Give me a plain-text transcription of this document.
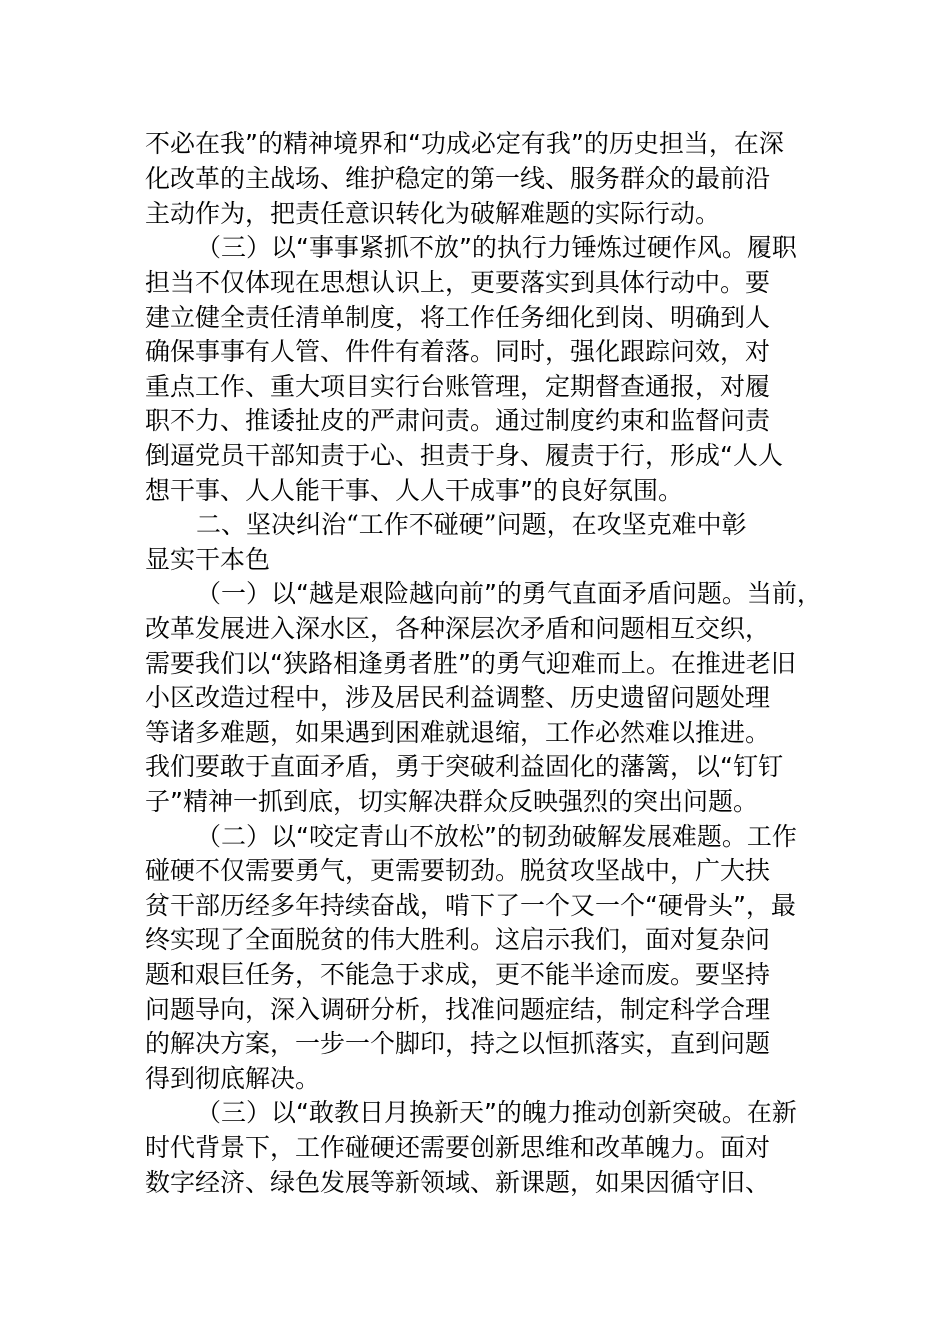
不必在我”的精神境界和“功成必定有我”的历史担当，在深
化改革的主战场、维护稳定的第一线、服务群众的最前沿
主动作为，把责任意识转化为破解难题的实际行动。
（三）以“事事紧抓不放”的执行力锤炼过硬作风。履职
担当不仅体现在思想认识上，更要落实到具体行动中。要
建立健全责任清单制度，将工作任务细化到岗、明确到人
确保事事有人管、件件有着落。同时，强化跟踪问效，对
重点工作、重大项目实行台账管理，定期督查通报，对履
职不力、推诿扯皮的严肃问责。通过制度约束和监督问责
倒逼党员干部知责于心、担责于身、履责于行，形成“人人
想干事、人人能干事、人人干成事”的良好氛围。
二、坚决纠治“工作不碰硬”问题，在攻坚克难中彰
显实干本色
（一）以“越是艰险越向前”的勇气直面矛盾问题。当前，
改革发展进入深水区，各种深层次矛盾和问题相互交织，
需要我们以“狭路相逢勇者胜”的勇气迎难而上。在推进老旧
小区改造过程中，涉及居民利益调整、历史遗留问题处理
等诸多难题，如果遇到困难就退缩，工作必然难以推进。
我们要敢于直面矛盾，勇于突破利益固化的藩篱，以“钉钉
子”精神一抓到底，切实解决群众反映强烈的突出问题。
（二）以“咬定青山不放松”的韧劲破解发展难题。工作
碰硬不仅需要勇气，更需要韧劲。脱贫攻坚战中，广大扶
贫干部历经多年持续奋战，啃下了一个又一个“硬骨头”，最
终实现了全面脱贫的伟大胜利。这启示我们，面对复杂问
题和艰巨任务，不能急于求成，更不能半途而废。要坚持
问题导向，深入调研分析，找准问题症结，制定科学合理
的解决方案，一步一个脚印，持之以恒抓落实，直到问题
得到彻底解决。
（三）以“敢教日月换新天”的魄力推动创新突破。在新
时代背景下，工作碰硬还需要创新思维和改革魄力。面对
数字经济、绿色发展等新领域、新课题，如果因循守旧、
